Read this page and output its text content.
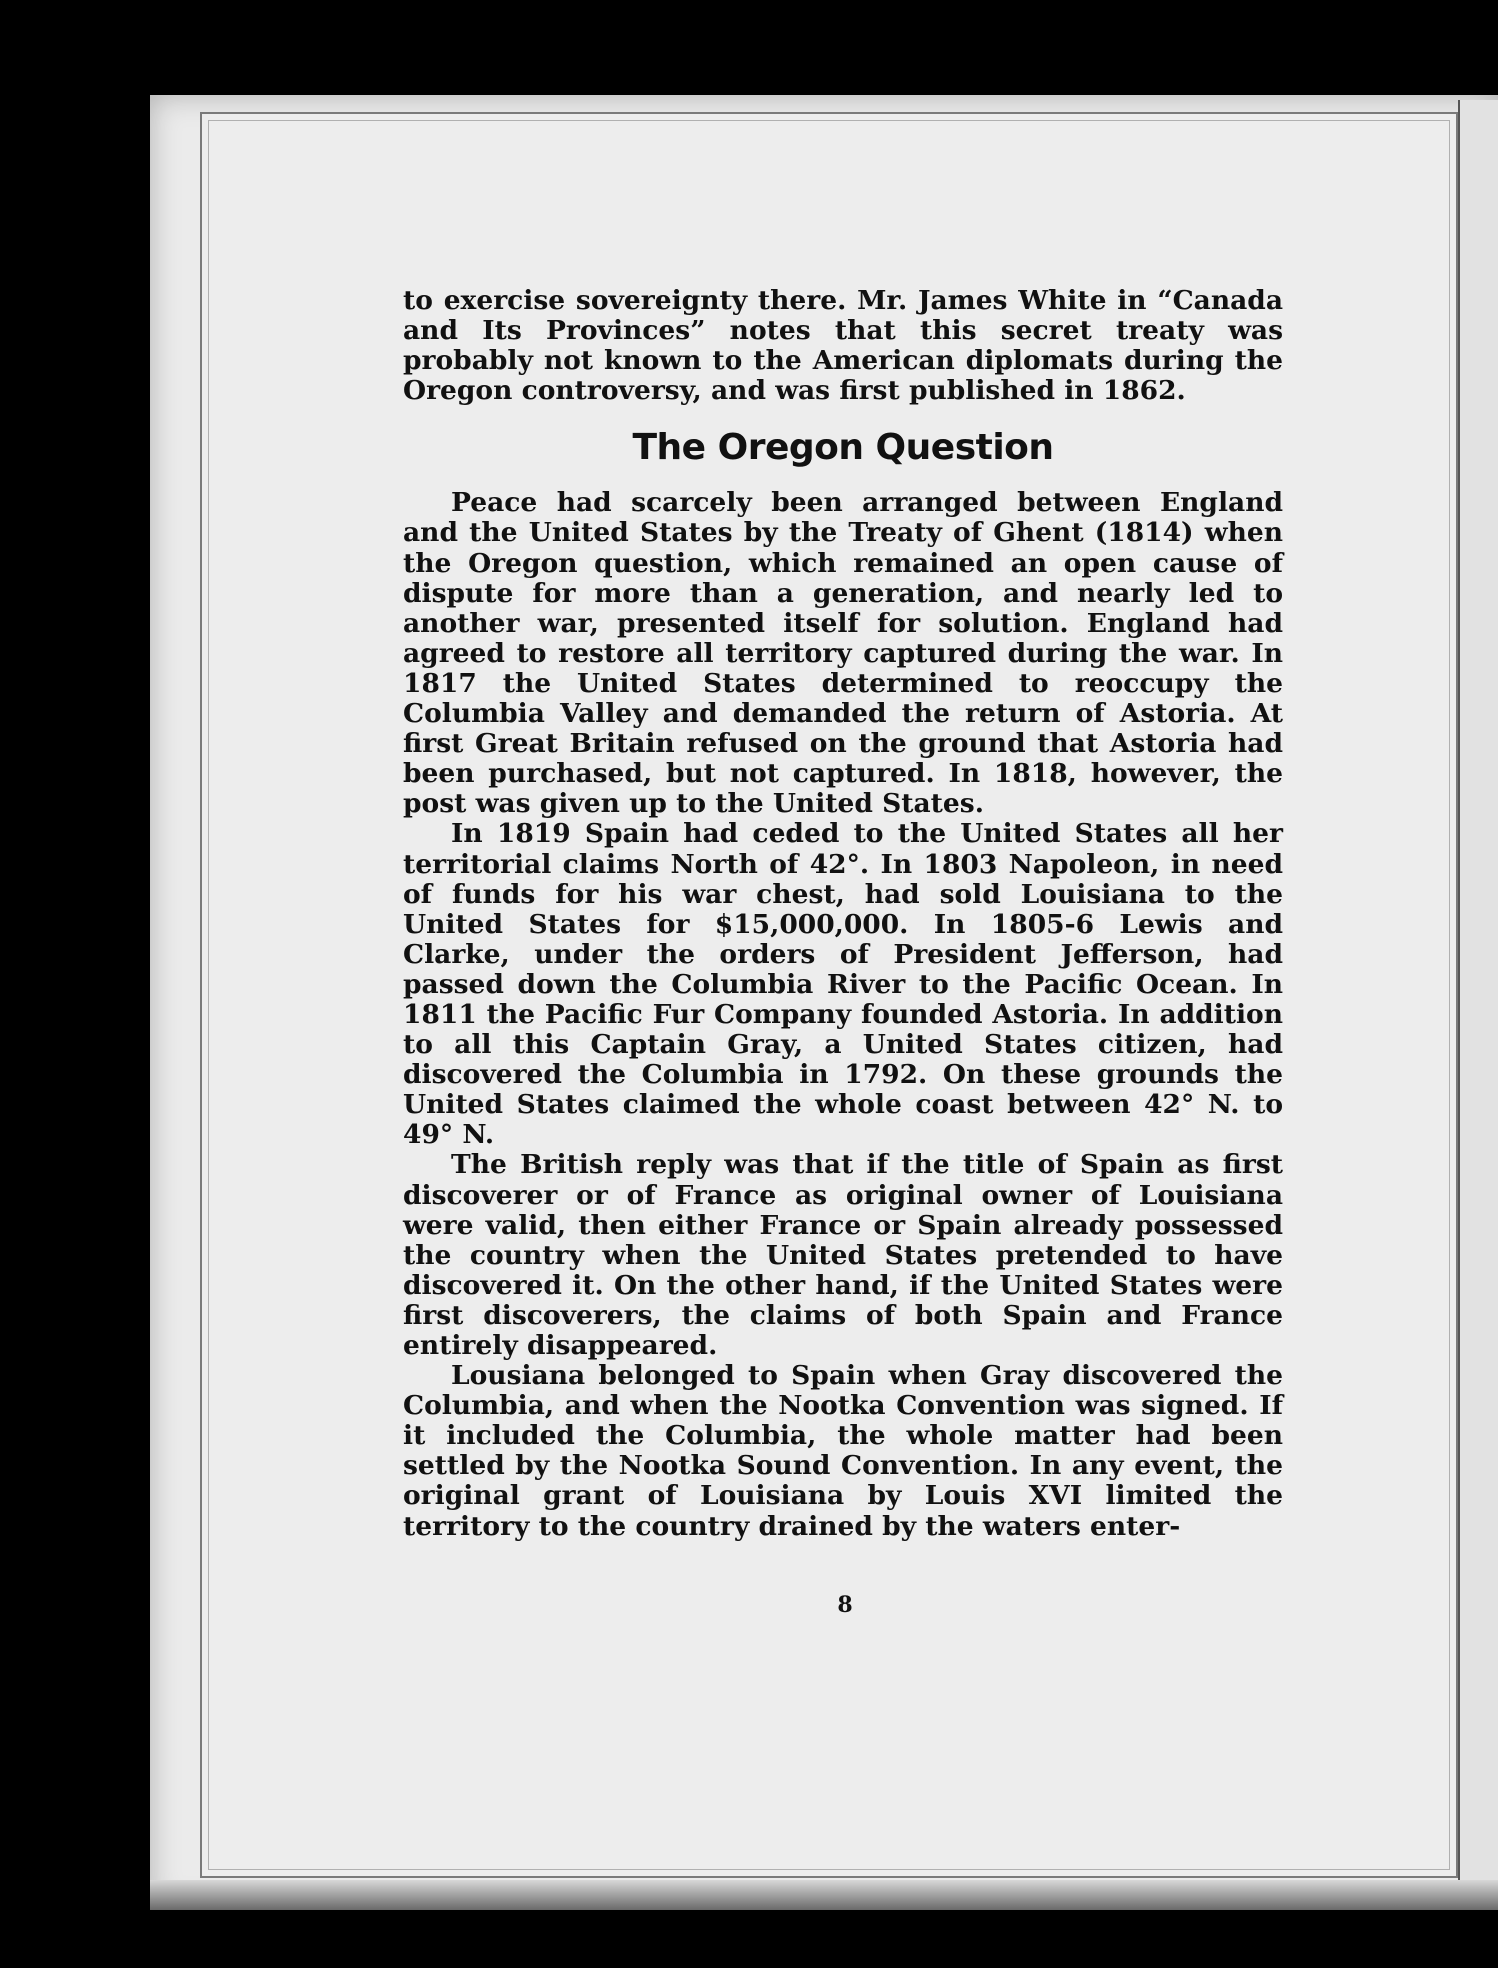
to exercise sovereignty there. Mr. James White in “Canada and Its Provinces” notes that this secret treaty was probably not known to the American diplomats during the Oregon controversy, and was first published in 1862.

The Oregon Question

Peace had scarcely been arranged between England and the United States by the Treaty of Ghent (1814) when the Oregon question, which remained an open cause of dispute for more than a generation, and nearly led to another war, presented itself for solution. England had agreed to restore all territory captured during the war. In 1817 the United States determined to reoccupy the Columbia Valley and demanded the return of Astoria. At first Great Britain refused on the ground that Astoria had been purchased, but not captured. In 1818, however, the post was given up to the United States.

In 1819 Spain had ceded to the United States all her territorial claims North of 42°. In 1803 Napoleon, in need of funds for his war chest, had sold Louisiana to the United States for $15,000,000. In 1805-6 Lewis and Clarke, under the orders of President Jefferson, had passed down the Columbia River to the Pacific Ocean. In 1811 the Pacific Fur Company founded Astoria. In addition to all this Captain Gray, a United States citizen, had discovered the Columbia in 1792. On these grounds the United States claimed the whole coast between 42° N. to 49° N.

The British reply was that if the title of Spain as first discoverer or of France as original owner of Louisiana were valid, then either France or Spain already possessed the country when the United States pretended to have discovered it. On the other hand, if the United States were first discoverers, the claims of both Spain and France entirely disappeared.

Lousiana belonged to Spain when Gray discovered the Columbia, and when the Nootka Convention was signed. If it included the Columbia, the whole matter had been settled by the Nootka Sound Convention. In any event, the original grant of Louisiana by Louis XVI limited the territory to the country drained by the waters enter-

8
